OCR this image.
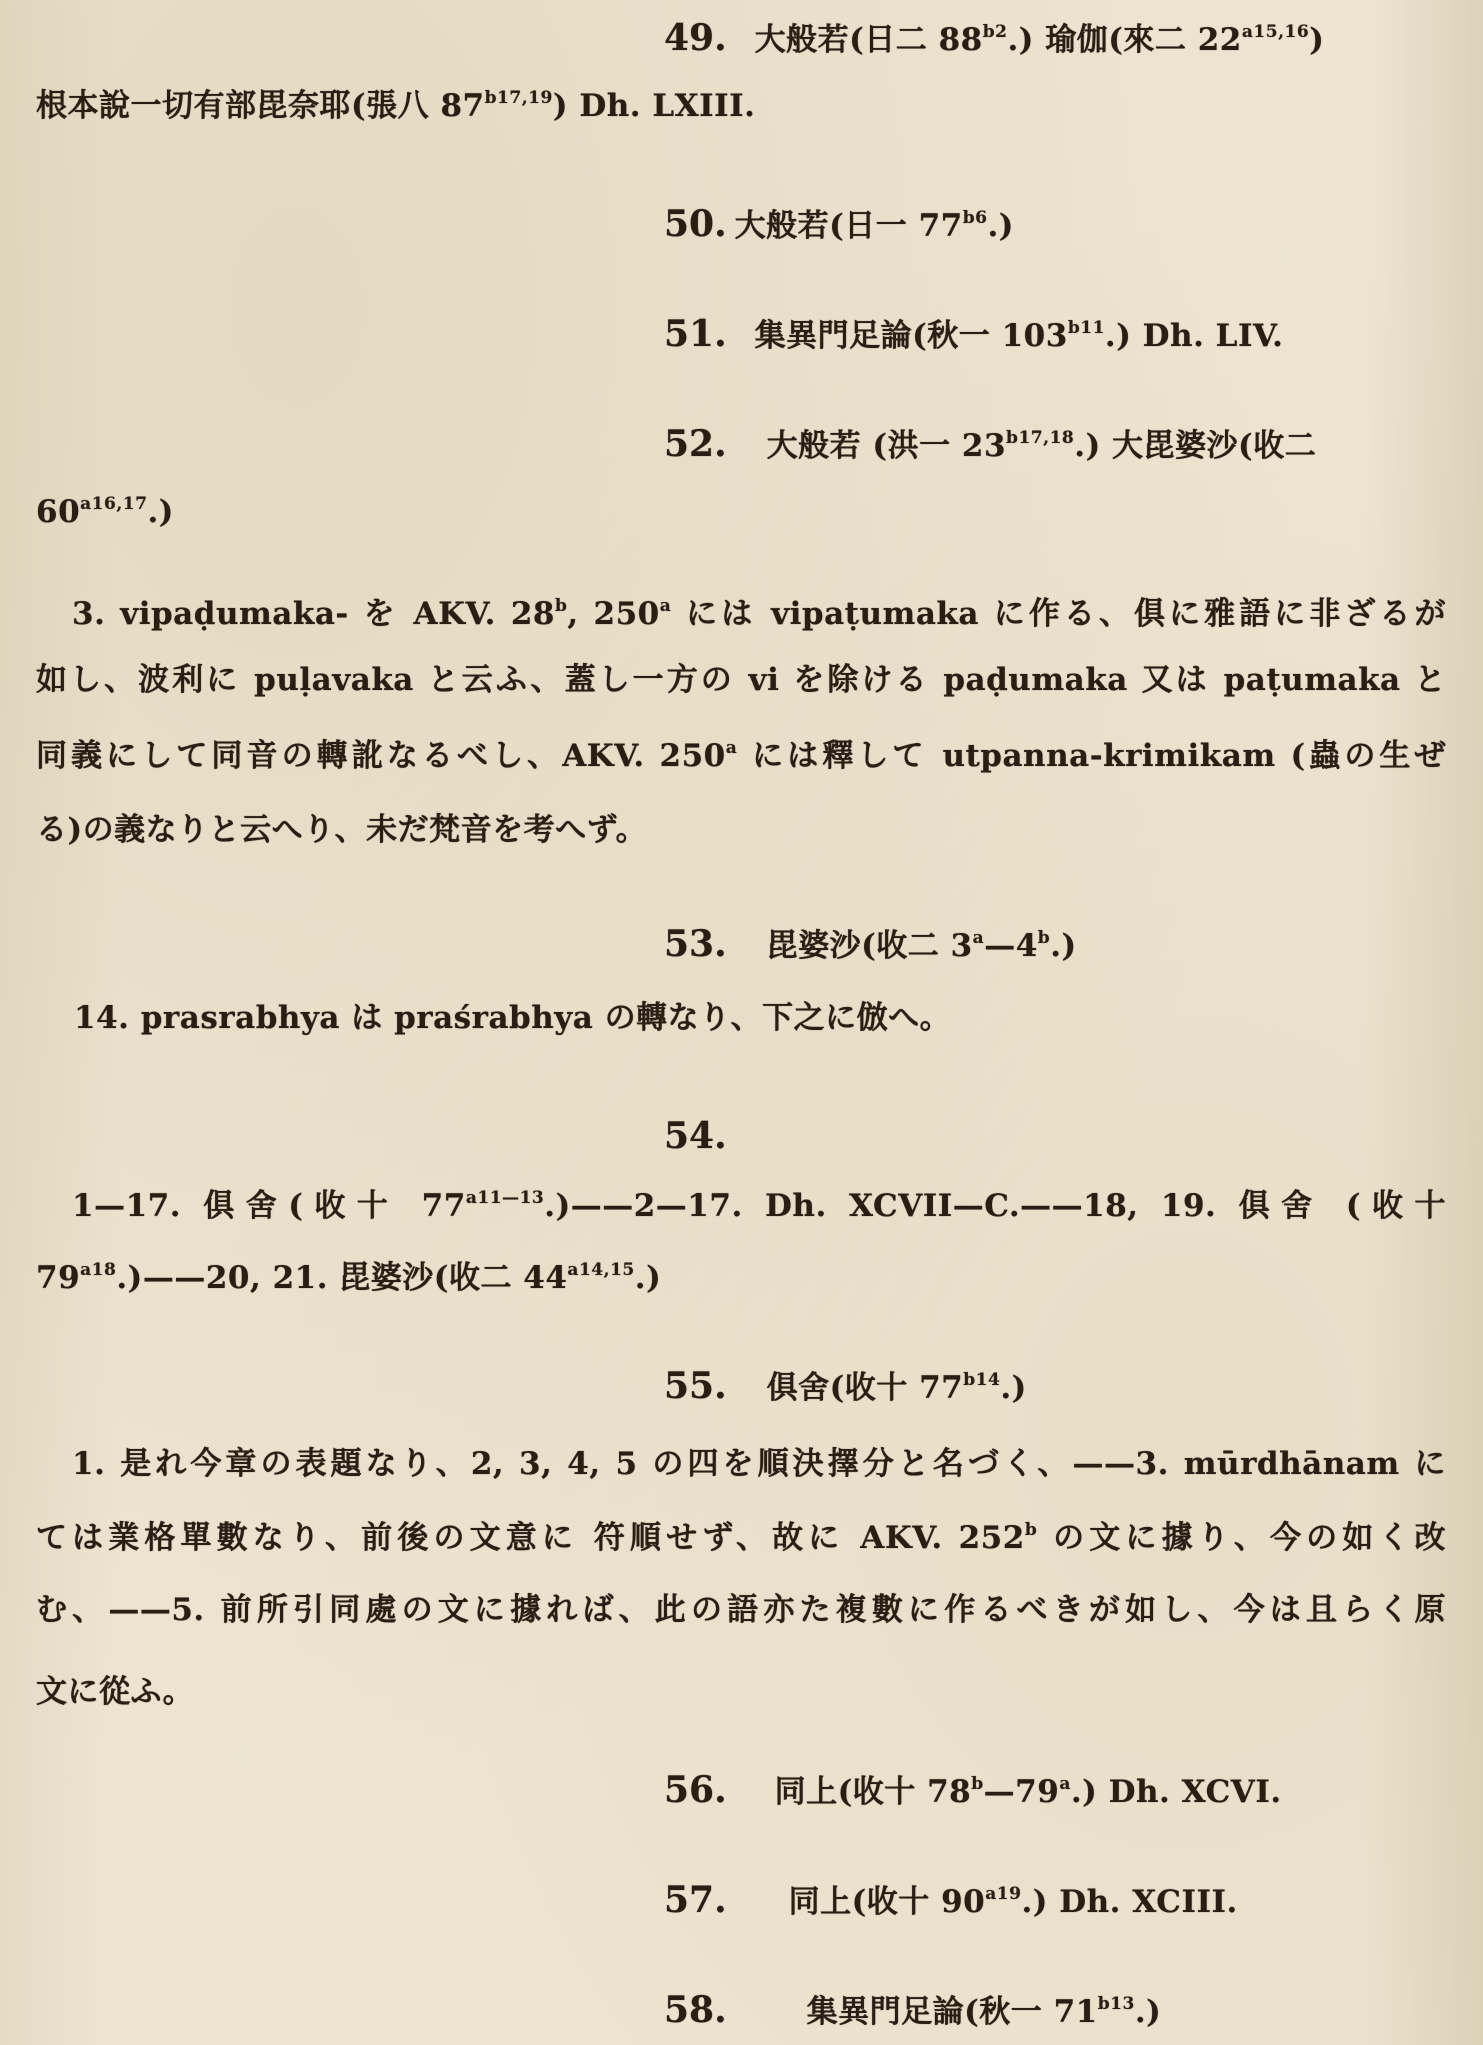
49. 大般若(日二 $88^{b2}$.) 瑜伽(來二 $22^{a15,16}$)
根本說一切有部毘奈耶(張八 $87^{b17,19}$) Dh. LXIII.
50. 大般若(日一 $77^{b6}$.)
51. 集異門足論(秋一 $103^{b11}$.) Dh. LIV.
52. 大般若 (洪一 $23^{b17,18}$.) 大毘婆沙(收二
$60^{a16,17}$.)
3. vipaḍumaka- を AKV. 28$^b$, 250$^a$ には vipaṭumaka に作る、俱に雅語に非ざるが
如し、波利に puḷavaka と云ふ、蓋し一方の vi を除ける paḍumaka 又は paṭumaka と
同義にして同音の轉訛なるべし、AKV. 250$^a$ には釋して utpanna-krimikam (蟲の生ぜ
る)の義なりと云へり、未だ梵音を考へず。
53. 毘婆沙(收二 3$^a$—4$^b$.)
14. prasrabhya は praśrabhya の轉なり、下之に倣へ。
54.
1—17. 俱舍(收十 $77^{a11—13}.)——2—17$. Dh. XCVII—C.——18, 19. 俱舍 (收十
$79^{a18}.)——20$, 21. 毘婆沙(收二 $44^{a14,15}$.)
55. 俱舍(收十 $77^{b14}$.)
1. 是れ今章の表題なり、2, 3, 4, 5 の四を順決擇分と名づく、——3. mūrdhānam に
ては業格單數なり、前後の文意に 符順せず、故に AKV. 252$^b$ の文に據り、今の如く改
む、——5. 前所引同處の文に據れば、此の語亦た複數に作るべきが如し、今は且らく原
文に從ふ。
56. 同上(收十 78$^b$—79$^a$.) Dh. XCVI.
57. 同上(收十 $90^{a19}$.) Dh. XCIII.
58.	集異門足論(秋一 $71^{b13}$.)
